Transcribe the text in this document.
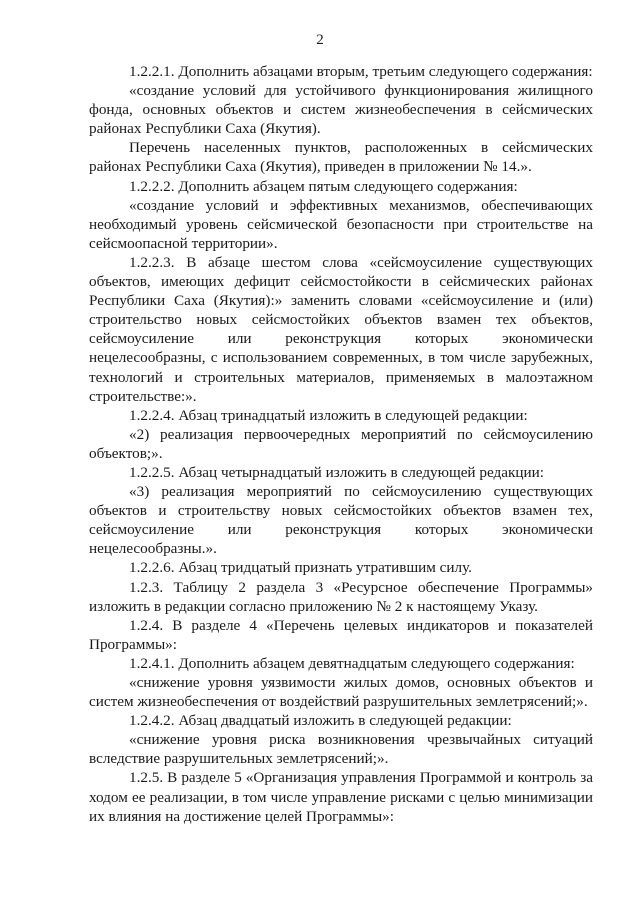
2

1.2.2.1. Дополнить абзацами вторым, третьим следующего содержания:

«создание условий для устойчивого функционирования жилищного фонда, основных объектов и систем жизнеобеспечения в сейсмических районах Республики Саха (Якутия).

Перечень населенных пунктов, расположенных в сейсмических районах Республики Саха (Якутия), приведен в приложении № 14.».

1.2.2.2. Дополнить абзацем пятым следующего содержания:

«создание условий и эффективных механизмов, обеспечивающих необходимый уровень сейсмической безопасности при строительстве на сейсмоопасной территории».

1.2.2.3. В абзаце шестом слова «сейсмоусиление существующих объектов, имеющих дефицит сейсмостойкости в сейсмических районах Республики Саха (Якутия):» заменить словами «сейсмоусиление и (или) строительство новых сейсмостойких объектов взамен тех объектов, сейсмоусиление или реконструкция которых экономически нецелесообразны, с использованием современных, в том числе зарубежных, технологий и строительных материалов, применяемых в малоэтажном строительстве:».

1.2.2.4. Абзац тринадцатый изложить в следующей редакции:

«2) реализация первоочередных мероприятий по сейсмоусилению объектов;».

1.2.2.5. Абзац четырнадцатый изложить в следующей редакции:

«3) реализация мероприятий по сейсмоусилению существующих объектов и строительству новых сейсмостойких объектов взамен тех, сейсмоусиление или реконструкция которых экономически нецелесообразны.».

1.2.2.6. Абзац тридцатый признать утратившим силу.

1.2.3. Таблицу 2 раздела 3 «Ресурсное обеспечение Программы» изложить в редакции согласно приложению № 2 к настоящему Указу.

1.2.4. В разделе 4 «Перечень целевых индикаторов и показателей Программы»:

1.2.4.1. Дополнить абзацем девятнадцатым следующего содержания:

«снижение уровня уязвимости жилых домов, основных объектов и систем жизнеобеспечения от воздействий разрушительных землетрясений;».

1.2.4.2. Абзац двадцатый изложить в следующей редакции:

«снижение уровня риска возникновения чрезвычайных ситуаций вследствие разрушительных землетрясений;».

1.2.5. В разделе 5 «Организация управления Программой и контроль за ходом ее реализации, в том числе управление рисками с целью минимизации их влияния на достижение целей Программы»:
